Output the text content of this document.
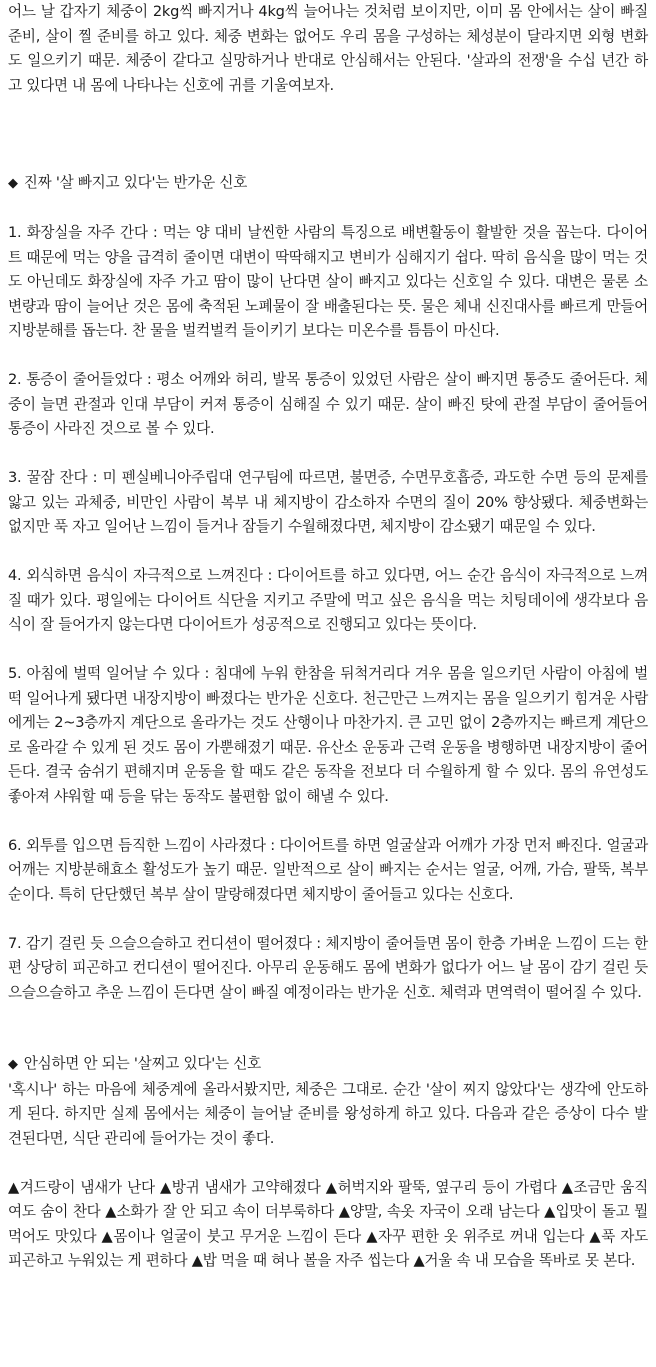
어느 날 갑자기 체중이 2kg씩 빠지거나 4kg씩 늘어나는 것처럼 보이지만, 이미 몸 안에서는 살이 빠질 준비, 살이 찔 준비를 하고 있다. 체중 변화는 없어도 우리 몸을 구성하는 체성분이 달라지면 외형 변화도 일으키기 때문. 체중이 같다고 실망하거나 반대로 안심해서는 안된다. '살과의 전쟁'을 수십 년간 하고 있다면 내 몸에 나타나는 신호에 귀를 기울여보자.

◆ 진짜 '살 빠지고 있다'는 반가운 신호

1. 화장실을 자주 간다 : 먹는 양 대비 날씬한 사람의 특징으로 배변활동이 활발한 것을 꼽는다. 다이어트 때문에 먹는 양을 급격히 줄이면 대변이 딱딱해지고 변비가 심해지기 쉽다. 딱히 음식을 많이 먹는 것도 아닌데도 화장실에 자주 가고 땀이 많이 난다면 살이 빠지고 있다는 신호일 수 있다. 대변은 물론 소변량과 땀이 늘어난 것은 몸에 축적된 노폐물이 잘 배출된다는 뜻. 물은 체내 신진대사를 빠르게 만들어 지방분해를 돕는다. 찬 물을 벌컥벌컥 들이키기 보다는 미온수를 틈틈이 마신다.

2. 통증이 줄어들었다 : 평소 어깨와 허리, 발목 통증이 있었던 사람은 살이 빠지면 통증도 줄어든다. 체중이 늘면 관절과 인대 부담이 커져 통증이 심해질 수 있기 때문. 살이 빠진 탓에 관절 부담이 줄어들어 통증이 사라진 것으로 볼 수 있다.

3. 꿀잠 잔다 : 미 펜실베니아주립대 연구팀에 따르면, 불면증, 수면무호흡증, 과도한 수면 등의 문제를 앓고 있는 과체중, 비만인 사람이 복부 내 체지방이 감소하자 수면의 질이 20% 향상됐다. 체중변화는 없지만 푹 자고 일어난 느낌이 들거나 잠들기 수월해졌다면, 체지방이 감소됐기 때문일 수 있다.

4. 외식하면 음식이 자극적으로 느껴진다 : 다이어트를 하고 있다면, 어느 순간 음식이 자극적으로 느껴질 때가 있다. 평일에는 다이어트 식단을 지키고 주말에 먹고 싶은 음식을 먹는 치팅데이에 생각보다 음식이 잘 들어가지 않는다면 다이어트가 성공적으로 진행되고 있다는 뜻이다.

5. 아침에 벌떡 일어날 수 있다 : 침대에 누워 한참을 뒤척거리다 겨우 몸을 일으키던 사람이 아침에 벌떡 일어나게 됐다면 내장지방이 빠졌다는 반가운 신호다. 천근만근 느껴지는 몸을 일으키기 힘겨운 사람에게는 2~3층까지 계단으로 올라가는 것도 산행이나 마찬가지. 큰 고민 없이 2층까지는 빠르게 계단으로 올라갈 수 있게 된 것도 몸이 가뿐해졌기 때문. 유산소 운동과 근력 운동을 병행하면 내장지방이 줄어든다. 결국 숨쉬기 편해지며 운동을 할 때도 같은 동작을 전보다 더 수월하게 할 수 있다. 몸의 유연성도 좋아져 샤워할 때 등을 닦는 동작도 불편함 없이 해낼 수 있다.

6. 외투를 입으면 듬직한 느낌이 사라졌다 : 다이어트를 하면 얼굴살과 어깨가 가장 먼저 빠진다. 얼굴과 어깨는 지방분해효소 활성도가 높기 때문. 일반적으로 살이 빠지는 순서는 얼굴, 어깨, 가슴, 팔뚝, 복부 순이다. 특히 단단했던 복부 살이 말랑해졌다면 체지방이 줄어들고 있다는 신호다.

7. 감기 걸린 듯 으슬으슬하고 컨디션이 떨어졌다 : 체지방이 줄어들면 몸이 한층 가벼운 느낌이 드는 한편 상당히 피곤하고 컨디션이 떨어진다. 아무리 운동해도 몸에 변화가 없다가 어느 날 몸이 감기 걸린 듯 으슬으슬하고 추운 느낌이 든다면 살이 빠질 예정이라는 반가운 신호. 체력과 면역력이 떨어질 수 있다.

◆ 안심하면 안 되는 '살찌고 있다'는 신호

'혹시나' 하는 마음에 체중계에 올라서봤지만, 체중은 그대로. 순간 '살이 찌지 않았다'는 생각에 안도하게 된다. 하지만 실제 몸에서는 체중이 늘어날 준비를 왕성하게 하고 있다. 다음과 같은 증상이 다수 발견된다면, 식단 관리에 들어가는 것이 좋다.

▲겨드랑이 냄새가 난다 ▲방귀 냄새가 고약해졌다 ▲허벅지와 팔뚝, 옆구리 등이 가렵다 ▲조금만 움직여도 숨이 찬다 ▲소화가 잘 안 되고 속이 더부룩하다 ▲양말, 속옷 자국이 오래 남는다 ▲입맛이 돌고 뭘 먹어도 맛있다 ▲몸이나 얼굴이 붓고 무거운 느낌이 든다 ▲자꾸 편한 옷 위주로 꺼내 입는다 ▲푹 자도 피곤하고 누워있는 게 편하다 ▲밥 먹을 때 혀나 볼을 자주 씹는다 ▲거울 속 내 모습을 똑바로 못 본다.
